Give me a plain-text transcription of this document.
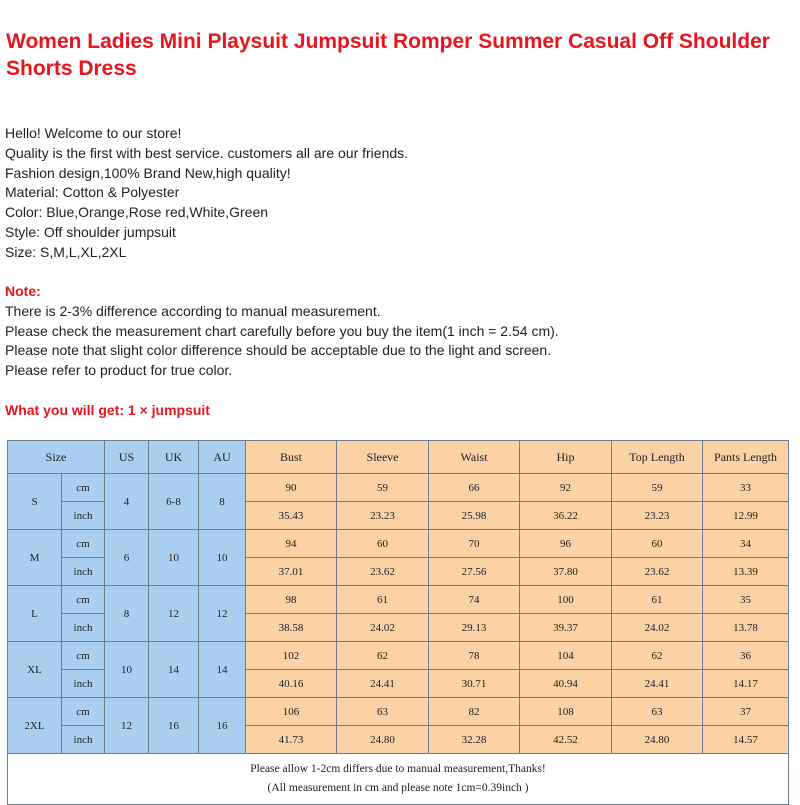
Women Ladies Mini Playsuit Jumpsuit Romper Summer Casual Off Shoulder Shorts Dress
Hello! Welcome to our store!
Quality is the first with best service. customers all are our friends.
Fashion design,100% Brand New,high quality!
Material: Cotton & Polyester
Color: Blue,Orange,Rose red,White,Green
Style: Off shoulder jumpsuit
Size: S,M,L,XL,2XL
Note:
There is 2-3% difference according to manual measurement.
Please check the measurement chart carefully before you buy the item(1 inch = 2.54 cm).
Please note that slight color difference should be acceptable due to the light and screen.
Please refer to product for true color.
What you will get: 1 × jumpsuit
Size		US	UK	AU	Bust	Sleeve	Waist	Hip	Top Length	Pants Length
S	cm	4	6-8	8	90	59	66	92	59	33
	inch				35.43	23.23	25.98	36.22	23.23	12.99
M	cm	6	10	10	94	60	70	96	60	34
	inch				37.01	23.62	27.56	37.80	23.62	13.39
L	cm	8	12	12	98	61	74	100	61	35
	inch				38.58	24.02	29.13	39.37	24.02	13.78
XL	cm	10	14	14	102	62	78	104	62	36
	inch				40.16	24.41	30.71	40.94	24.41	14.17
2XL	cm	12	16	16	106	63	82	108	63	37
	inch				41.73	24.80	32.28	42.52	24.80	14.57

Please allow 1-2cm differs due to manual measurement,Thanks!
(All measurement in cm and please note 1cm=0.39inch )										
